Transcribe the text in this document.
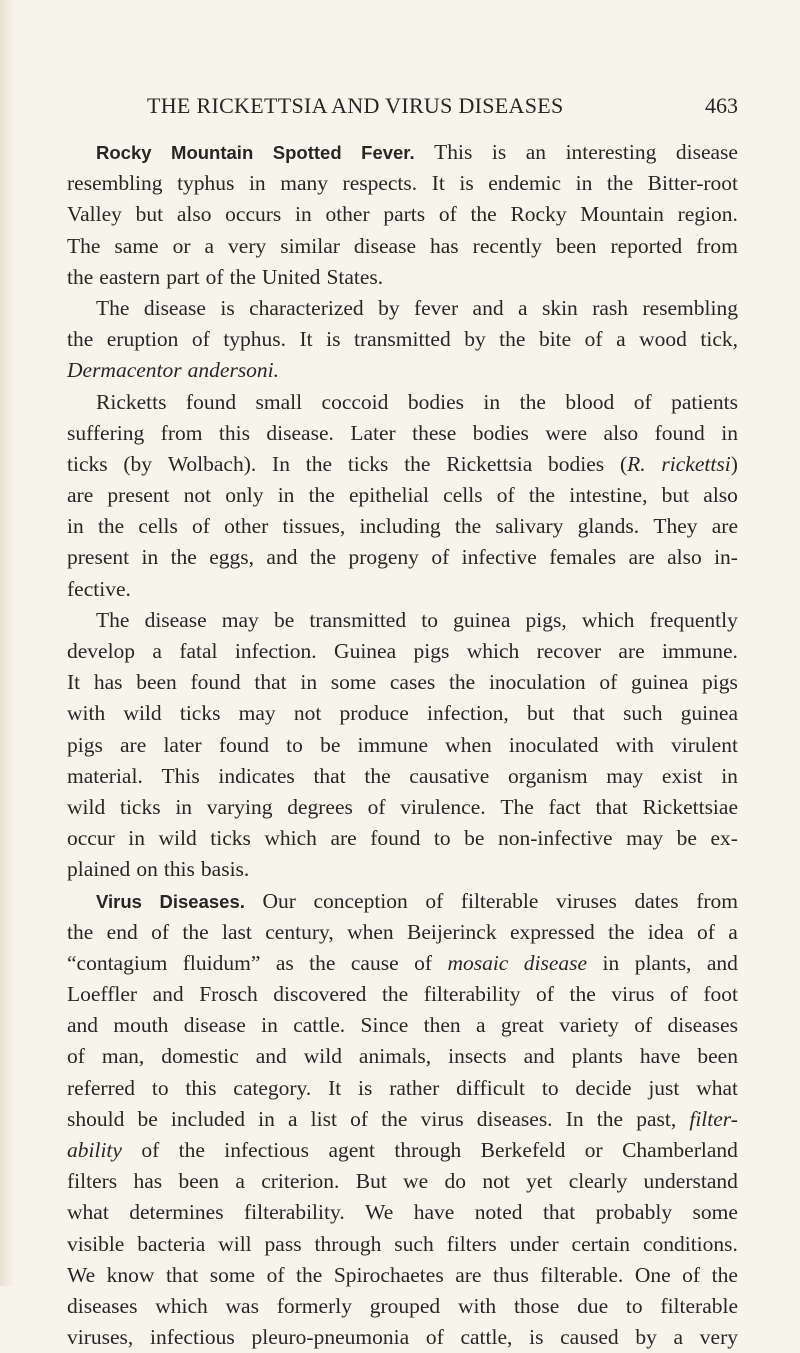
THE RICKETTSIA AND VIRUS DISEASES	463
Rocky Mountain Spotted Fever. This is an interesting disease
resembling typhus in many respects. It is endemic in the Bitter-root
Valley but also occurs in other parts of the Rocky Mountain region.
The same or a very similar disease has recently been reported from
the eastern part of the United States.
The disease is characterized by fever and a skin rash resembling
the eruption of typhus. It is transmitted by the bite of a wood tick,
Dermacentor andersoni.
Ricketts found small coccoid bodies in the blood of patients
suffering from this disease. Later these bodies were also found in
ticks (by Wolbach). In the ticks the Rickettsia bodies (R. rickettsi)
are present not only in the epithelial cells of the intestine, but also
in the cells of other tissues, including the salivary glands. They are
present in the eggs, and the progeny of infective females are also in-
fective.
The disease may be transmitted to guinea pigs, which frequently
develop a fatal infection. Guinea pigs which recover are immune.
It has been found that in some cases the inoculation of guinea pigs
with wild ticks may not produce infection, but that such guinea
pigs are later found to be immune when inoculated with virulent
material. This indicates that the causative organism may exist in
wild ticks in varying degrees of virulence. The fact that Rickettsiae
occur in wild ticks which are found to be non-infective may be ex-
plained on this basis.
Virus Diseases. Our conception of filterable viruses dates from
the end of the last century, when Beijerinck expressed the idea of a
“contagium fluidum” as the cause of mosaic disease in plants, and
Loeffler and Frosch discovered the filterability of the virus of foot
and mouth disease in cattle. Since then a great variety of diseases
of man, domestic and wild animals, insects and plants have been
referred to this category. It is rather difficult to decide just what
should be included in a list of the virus diseases. In the past, filter-
ability of the infectious agent through Berkefeld or Chamberland
filters has been a criterion. But we do not yet clearly understand
what determines filterability. We have noted that probably some
visible bacteria will pass through such filters under certain conditions.
We know that some of the Spirochaetes are thus filterable. One of the
diseases which was formerly grouped with those due to filterable
viruses, infectious pleuro-pneumonia of cattle, is caused by a very
